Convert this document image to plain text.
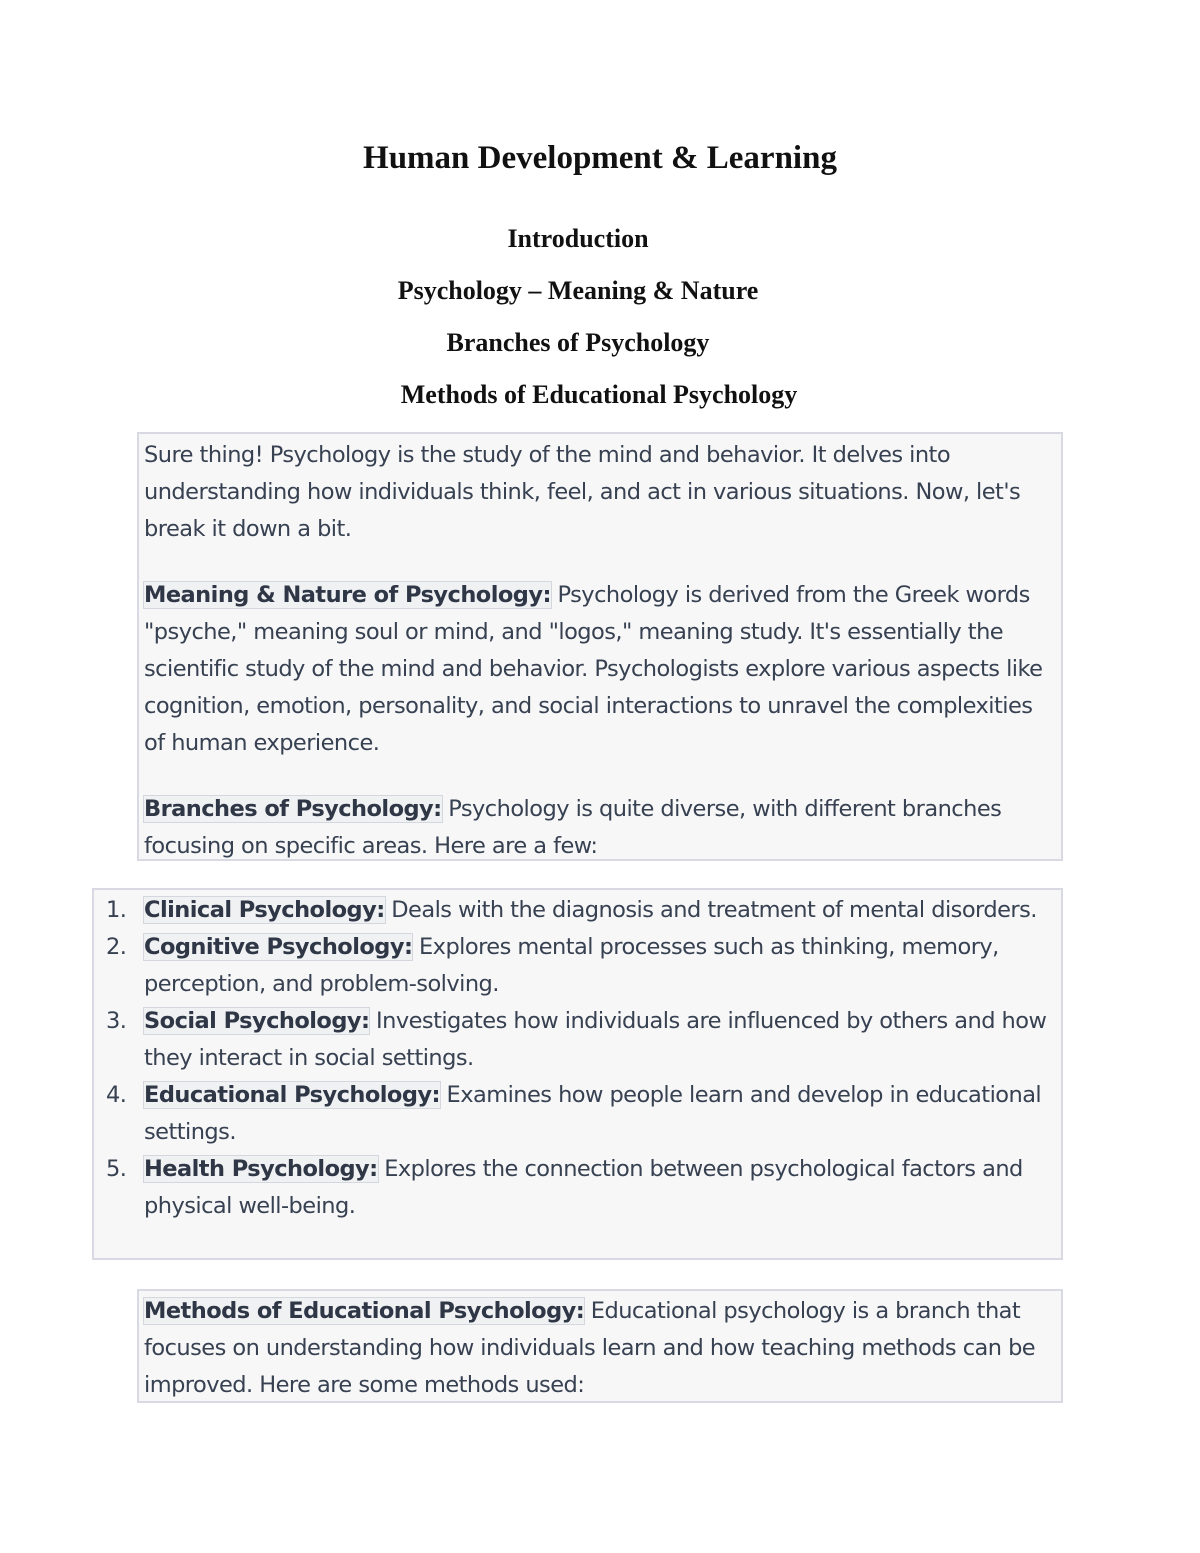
Human Development & Learning
Introduction
Psychology – Meaning & Nature
Branches of Psychology
Methods of Educational Psychology

Sure thing! Psychology is the study of the mind and behavior. It delves into understanding how individuals think, feel, and act in various situations. Now, let's break it down a bit.

Meaning & Nature of Psychology: Psychology is derived from the Greek words "psyche," meaning soul or mind, and "logos," meaning study. It's essentially the scientific study of the mind and behavior. Psychologists explore various aspects like cognition, emotion, personality, and social interactions to unravel the complexities of human experience.

Branches of Psychology: Psychology is quite diverse, with different branches focusing on specific areas. Here are a few:

1. Clinical Psychology: Deals with the diagnosis and treatment of mental disorders.
2. Cognitive Psychology: Explores mental processes such as thinking, memory, perception, and problem-solving.
3. Social Psychology: Investigates how individuals are influenced by others and how they interact in social settings.
4. Educational Psychology: Examines how people learn and develop in educational settings.
5. Health Psychology: Explores the connection between psychological factors and physical well-being.

Methods of Educational Psychology: Educational psychology is a branch that focuses on understanding how individuals learn and how teaching methods can be improved. Here are some methods used:
